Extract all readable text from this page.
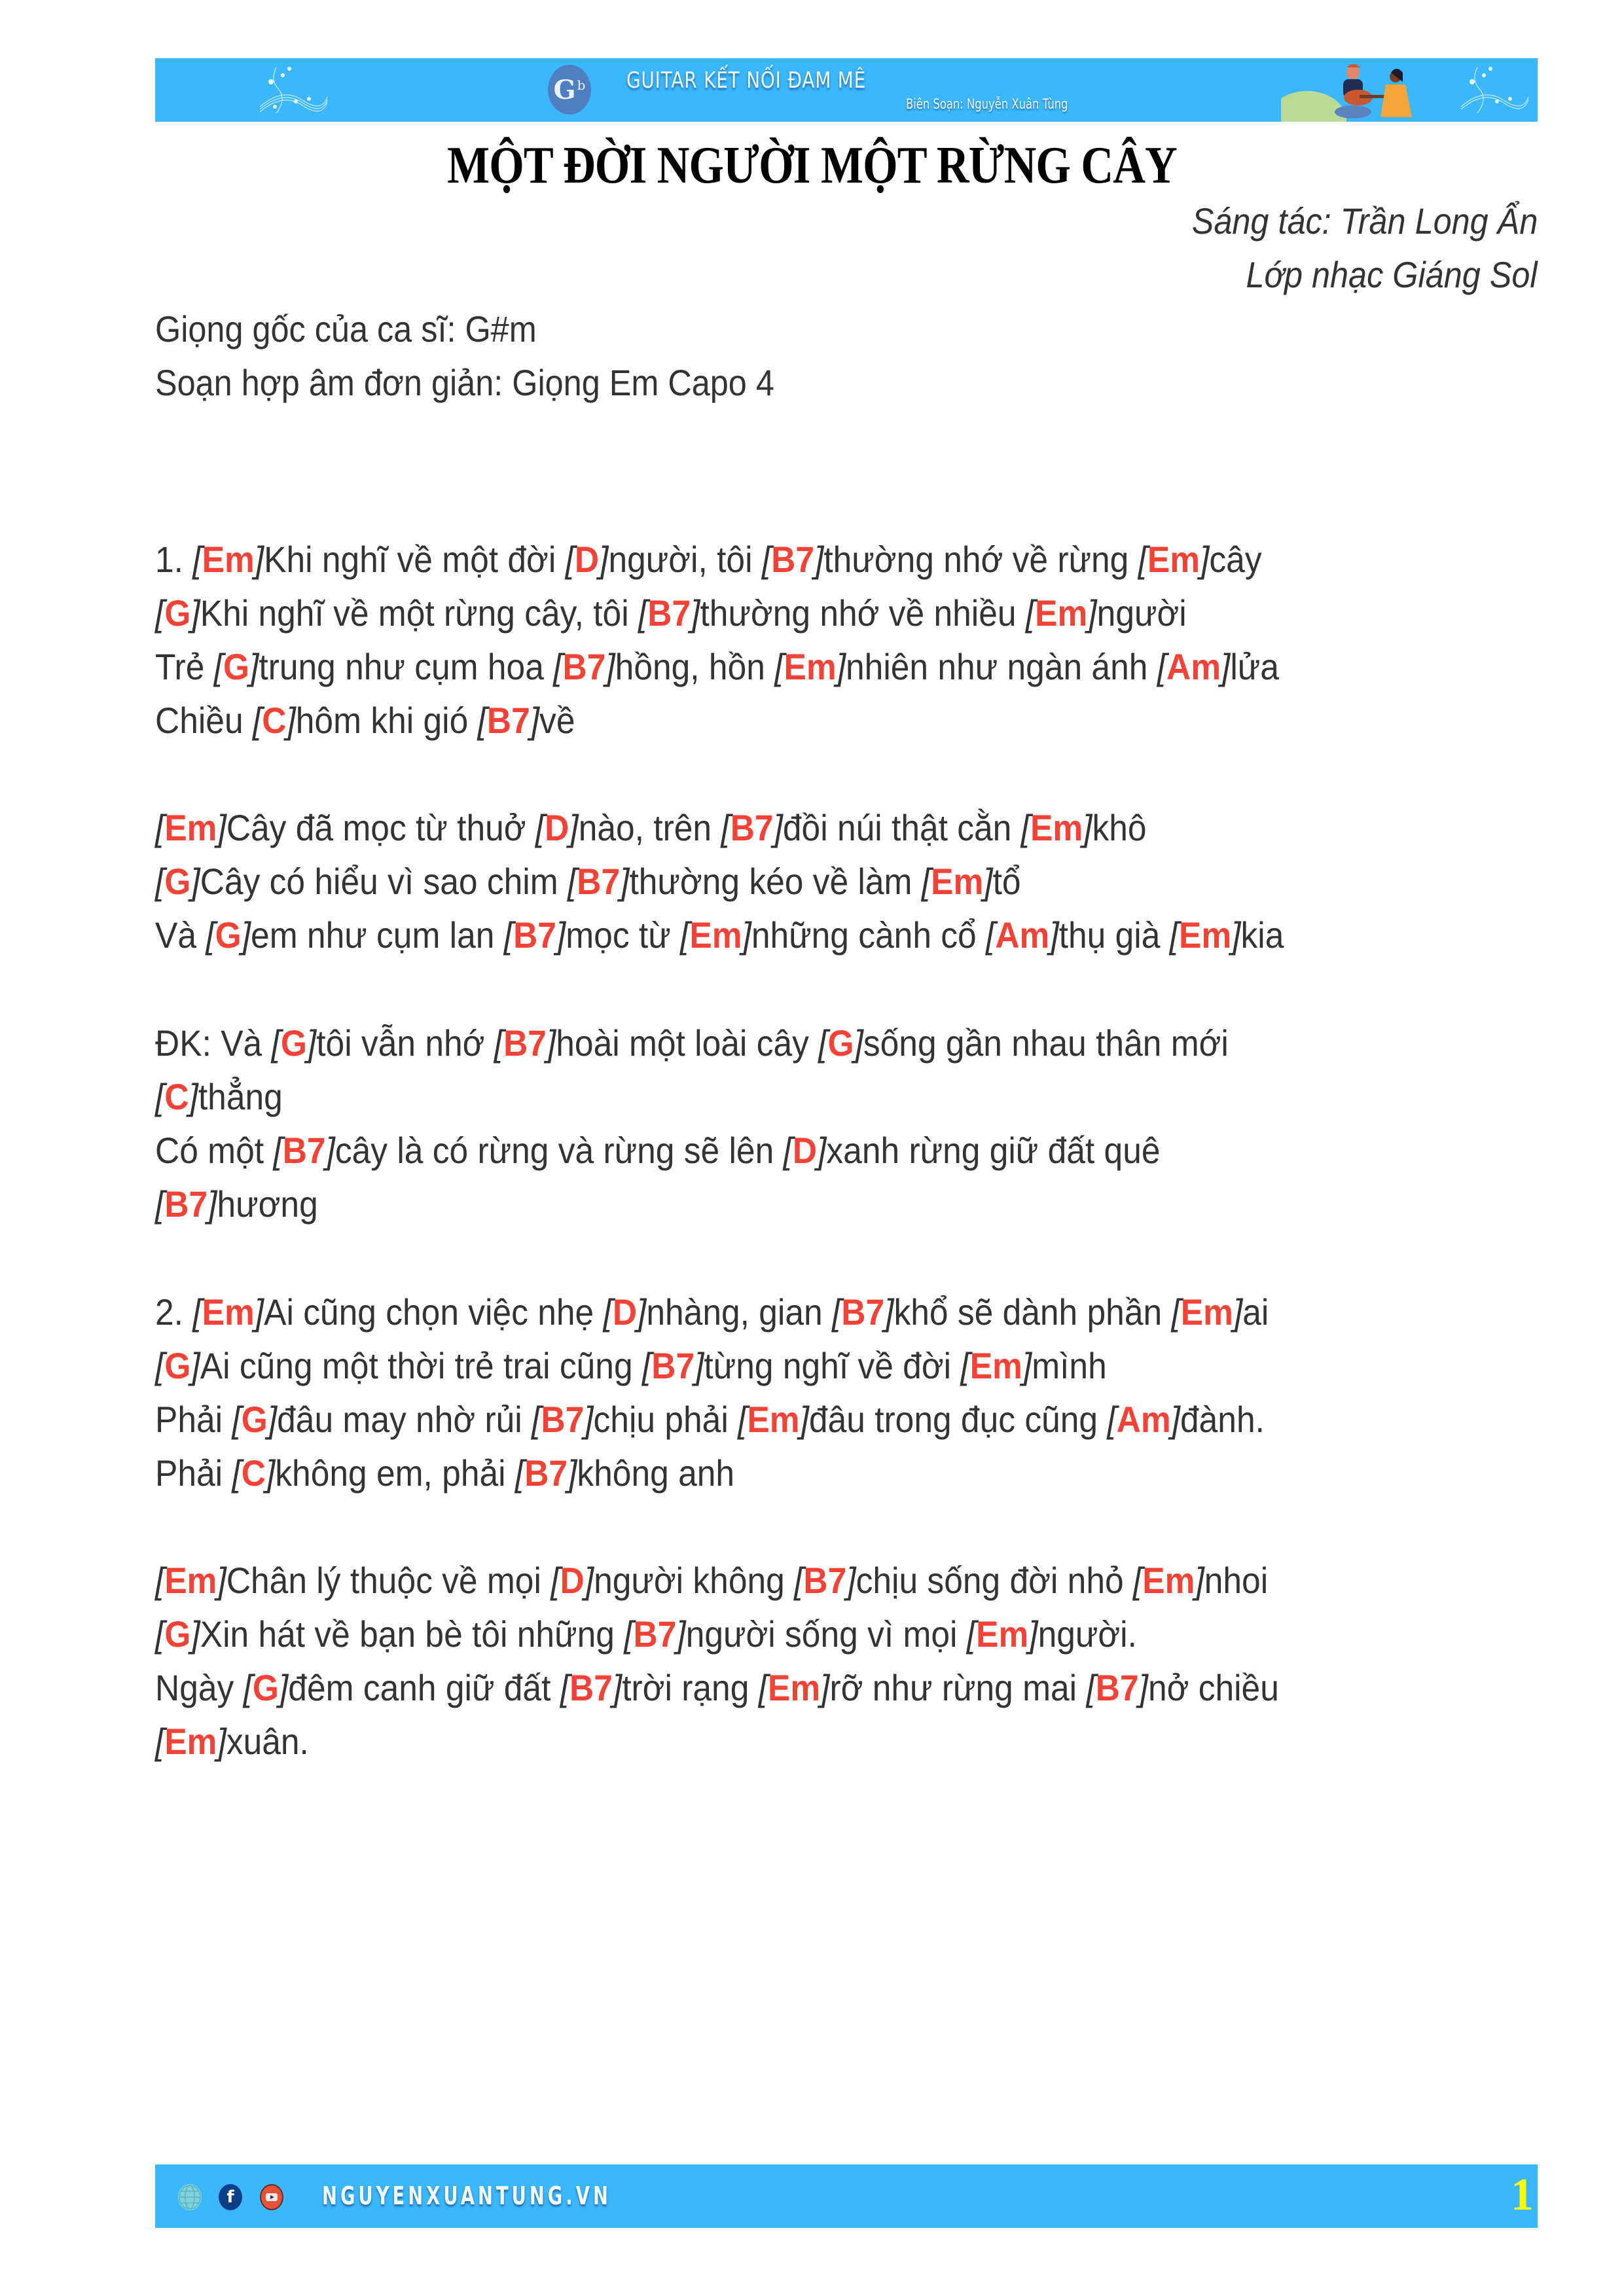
G b GUITAR KẾT NỐI ĐAM MÊ
Biên Soạn: Nguyễn Xuân Tùng
MỘT ĐỜI NGƯỜI MỘT RỪNG CÂY
Sáng tác: Trần Long Ẩn
Lớp nhạc Giáng Sol
Giọng gốc của ca sĩ: G#m
Soạn hợp âm đơn giản: Giọng Em Capo 4
1. [Em]Khi nghĩ về một đời [D]người, tôi [B7]thường nhớ về rừng [Em]cây
[G]Khi nghĩ về một rừng cây, tôi [B7]thường nhớ về nhiều [Em]người
Trẻ [G]trung như cụm hoa [B7]hồng, hồn [Em]nhiên như ngàn ánh [Am]lửa
Chiều [C]hôm khi gió [B7]về
[Em]Cây đã mọc từ thuở [D]nào, trên [B7]đồi núi thật cằn [Em]khô
[G]Cây có hiểu vì sao chim [B7]thường kéo về làm [Em]tổ
Và [G]em như cụm lan [B7]mọc từ [Em]những cành cổ [Am]thụ già [Em]kia
ĐK: Và [G]tôi vẫn nhớ [B7]hoài một loài cây [G]sống gần nhau thân mới
[C]thẳng
Có một [B7]cây là có rừng và rừng sẽ lên [D]xanh rừng giữ đất quê
[B7]hương
2. [Em]Ai cũng chọn việc nhẹ [D]nhàng, gian [B7]khổ sẽ dành phần [Em]ai
[G]Ai cũng một thời trẻ trai cũng [B7]từng nghĩ về đời [Em]mình
Phải [G]đâu may nhờ rủi [B7]chịu phải [Em]đâu trong đục cũng [Am]đành.
Phải [C]không em, phải [B7]không anh
[Em]Chân lý thuộc về mọi [D]người không [B7]chịu sống đời nhỏ [Em]nhoi
[G]Xin hát về bạn bè tôi những [B7]người sống vì mọi [Em]người.
Ngày [G]đêm canh giữ đất [B7]trời rạng [Em]rỡ như rừng mai [B7]nở chiều
[Em]xuân.
f	NGUYENXUANTUNG.VN	1
